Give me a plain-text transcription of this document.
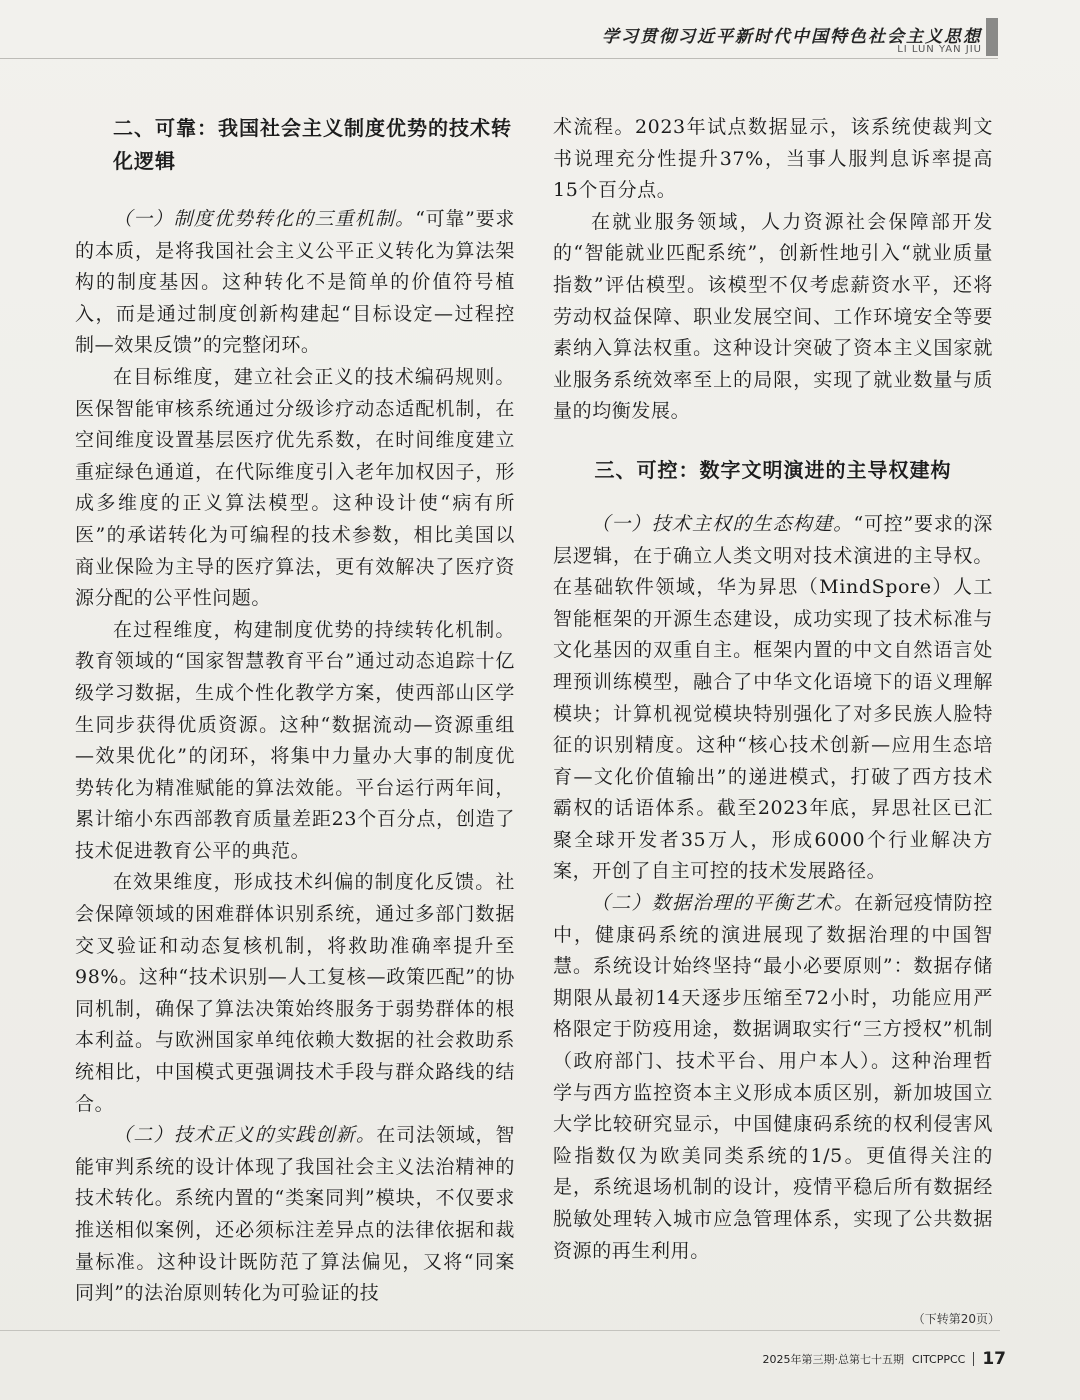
学习贯彻习近平新时代中国特色社会主义思想
LI LUN YAN JIU
二、可靠：我国社会主义制度优势的技术转化逻辑

（一）制度优势转化的三重机制。“可靠”要求的本质，是将我国社会主义公平正义转化为算法架构的制度基因。这种转化不是简单的价值符号植入，而是通过制度创新构建起“目标设定—过程控制—效果反馈”的完整闭环。

在目标维度，建立社会正义的技术编码规则。医保智能审核系统通过分级诊疗动态适配机制，在空间维度设置基层医疗优先系数，在时间维度建立重症绿色通道，在代际维度引入老年加权因子，形成多维度的正义算法模型。这种设计使“病有所医”的承诺转化为可编程的技术参数，相比美国以商业保险为主导的医疗算法，更有效解决了医疗资源分配的公平性问题。

在过程维度，构建制度优势的持续转化机制。教育领域的“国家智慧教育平台”通过动态追踪十亿级学习数据，生成个性化教学方案，使西部山区学生同步获得优质资源。这种“数据流动—资源重组—效果优化”的闭环，将集中力量办大事的制度优势转化为精准赋能的算法效能。平台运行两年间，累计缩小东西部教育质量差距23个百分点，创造了技术促进教育公平的典范。

在效果维度，形成技术纠偏的制度化反馈。社会保障领域的困难群体识别系统，通过多部门数据交叉验证和动态复核机制，将救助准确率提升至98%。这种“技术识别—人工复核—政策匹配”的协同机制，确保了算法决策始终服务于弱势群体的根本利益。与欧洲国家单纯依赖大数据的社会救助系统相比，中国模式更强调技术手段与群众路线的结合。

（二）技术正义的实践创新。在司法领域，智能审判系统的设计体现了我国社会主义法治精神的技术转化。系统内置的“类案同判”模块，不仅要求推送相似案例，还必须标注差异点的法律依据和裁量标准。这种设计既防范了算法偏见，又将“同案同判”的法治原则转化为可验证的技

术流程。2023年试点数据显示，该系统使裁判文书说理充分性提升37%，当事人服判息诉率提高15个百分点。

在就业服务领域，人力资源社会保障部开发的“智能就业匹配系统”，创新性地引入“就业质量指数”评估模型。该模型不仅考虑薪资水平，还将劳动权益保障、职业发展空间、工作环境安全等要素纳入算法权重。这种设计突破了资本主义国家就业服务系统效率至上的局限，实现了就业数量与质量的均衡发展。

三、可控：数字文明演进的主导权建构

（一）技术主权的生态构建。“可控”要求的深层逻辑，在于确立人类文明对技术演进的主导权。在基础软件领域，华为昇思（MindSpore）人工智能框架的开源生态建设，成功实现了技术标准与文化基因的双重自主。框架内置的中文自然语言处理预训练模型，融合了中华文化语境下的语义理解模块；计算机视觉模块特别强化了对多民族人脸特征的识别精度。这种“核心技术创新—应用生态培育—文化价值输出”的递进模式，打破了西方技术霸权的话语体系。截至2023年底，昇思社区已汇聚全球开发者35万人，形成6000个行业解决方案，开创了自主可控的技术发展路径。

（二）数据治理的平衡艺术。在新冠疫情防控中，健康码系统的演进展现了数据治理的中国智慧。系统设计始终坚持“最小必要原则”：数据存储期限从最初14天逐步压缩至72小时，功能应用严格限定于防疫用途，数据调取实行“三方授权”机制（政府部门、技术平台、用户本人）。这种治理哲学与西方监控资本主义形成本质区别，新加坡国立大学比较研究显示，中国健康码系统的权利侵害风险指数仅为欧美同类系统的1/5。更值得关注的是，系统退场机制的设计，疫情平稳后所有数据经脱敏处理转入城市应急管理体系，实现了公共数据资源的再生利用。

（下转第20页）
2025年第三期·总第七十五期 CITCPPCC 17
